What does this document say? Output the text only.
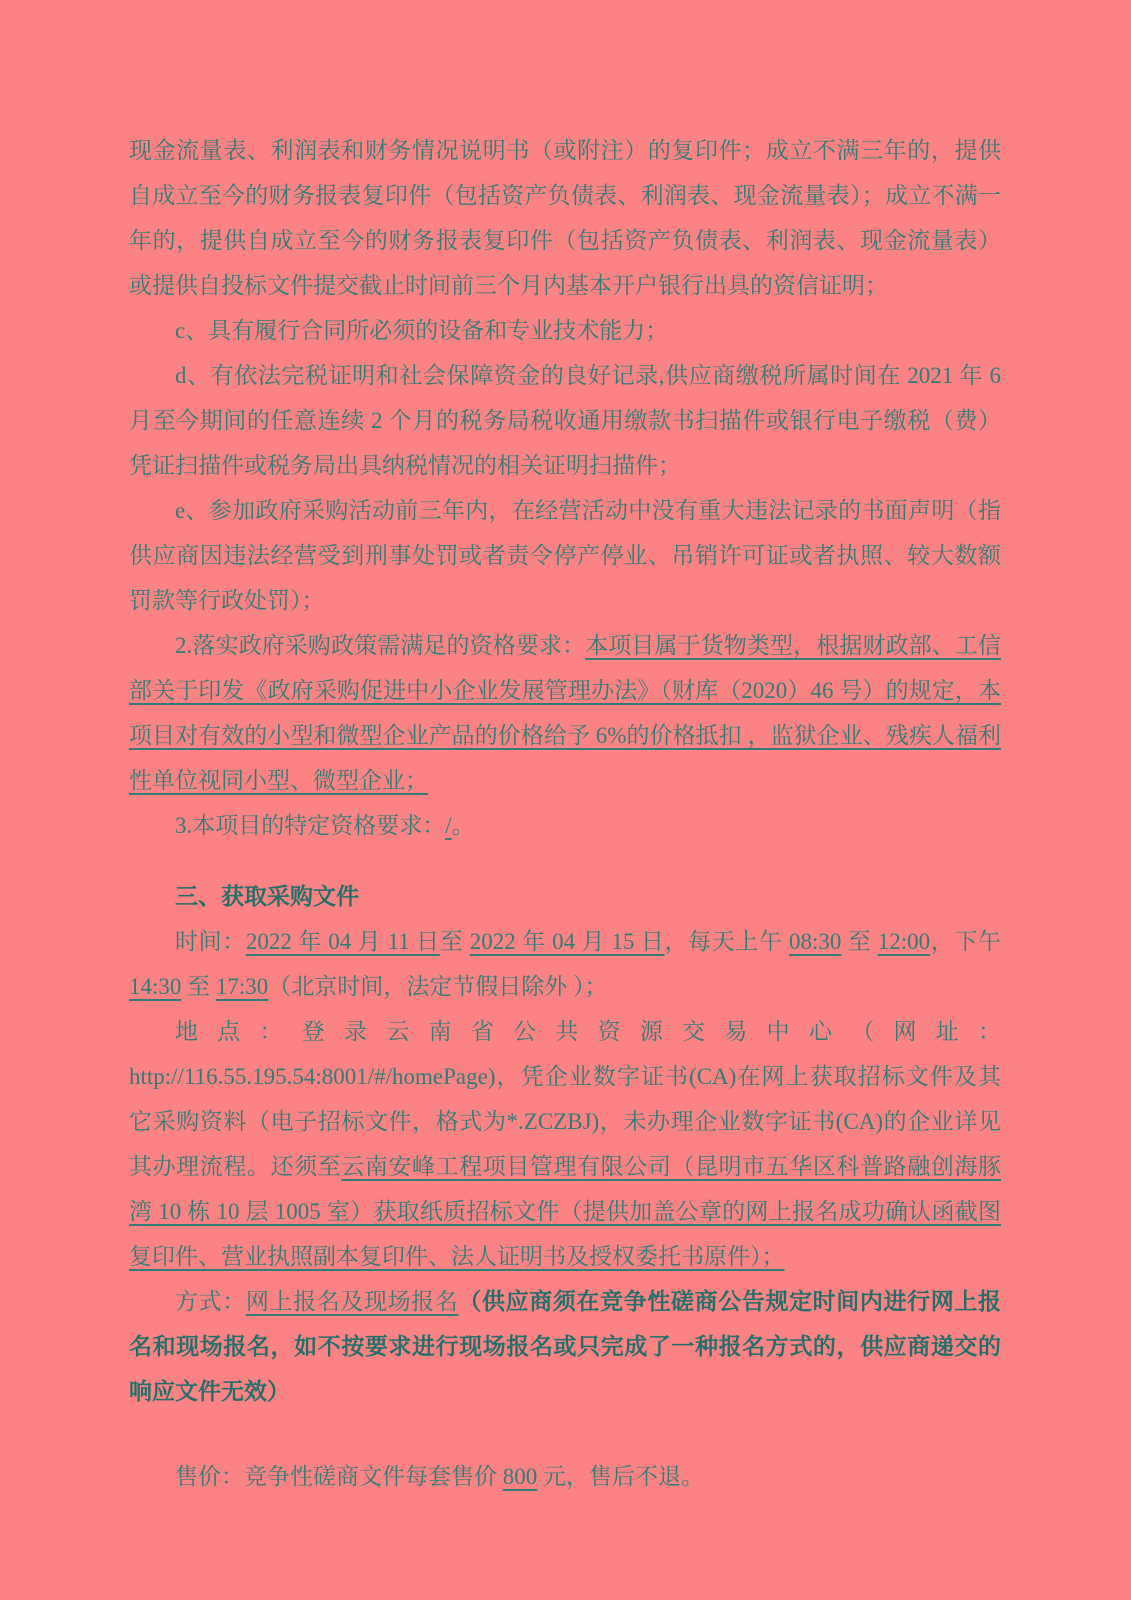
现金流量表、利润表和财务情况说明书（或附注）的复印件；成立不满三年的，提供自成立至今的财务报表复印件（包括资产负债表、利润表、现金流量表）；成立不满一年的，提供自成立至今的财务报表复印件（包括资产负债表、利润表、现金流量表）或提供自投标文件提交截止时间前三个月内基本开户银行出具的资信证明；

c、具有履行合同所必须的设备和专业技术能力；

d、有依法完税证明和社会保障资金的良好记录,供应商缴税所属时间在 2021 年 6月至今期间的任意连续 2 个月的税务局税收通用缴款书扫描件或银行电子缴税（费）凭证扫描件或税务局出具纳税情况的相关证明扫描件；

e、参加政府采购活动前三年内，在经营活动中没有重大违法记录的书面声明（指供应商因违法经营受到刑事处罚或者责令停产停业、吊销许可证或者执照、较大数额罚款等行政处罚）；

2.落实政府采购政策需满足的资格要求：本项目属于货物类型，根据财政部、工信部关于印发《政府采购促进中小企业发展管理办法》（财库（2020）46 号）的规定，本项目对有效的小型和微型企业产品的价格给予 6%的价格抵扣 ，监狱企业、残疾人福利性单位视同小型、微型企业；

3.本项目的特定资格要求：/。

三、获取采购文件

时间：2022 年 04 月 11 日至 2022 年 04 月 15 日，每天上午 08:30 至 12:00，下午 14:30 至 17:30（北京时间，法定节假日除外 ）；

地点：登录云南省公共资源交易中心（网址：http://116.55.195.54:8001/#/homePage)，凭企业数字证书(CA)在网上获取招标文件及其它采购资料（电子招标文件，格式为*.ZCZBJ)，未办理企业数字证书(CA)的企业详见其办理流程。还须至云南安峰工程项目管理有限公司（昆明市五华区科普路融创海豚湾 10 栋 10 层 1005 室）获取纸质招标文件（提供加盖公章的网上报名成功确认函截图复印件、营业执照副本复印件、法人证明书及授权委托书原件）；

方式：网上报名及现场报名（供应商须在竞争性磋商公告规定时间内进行网上报名和现场报名，如不按要求进行现场报名或只完成了一种报名方式的，供应商递交的响应文件无效）

售价：竞争性磋商文件每套售价 800 元，售后不退。
